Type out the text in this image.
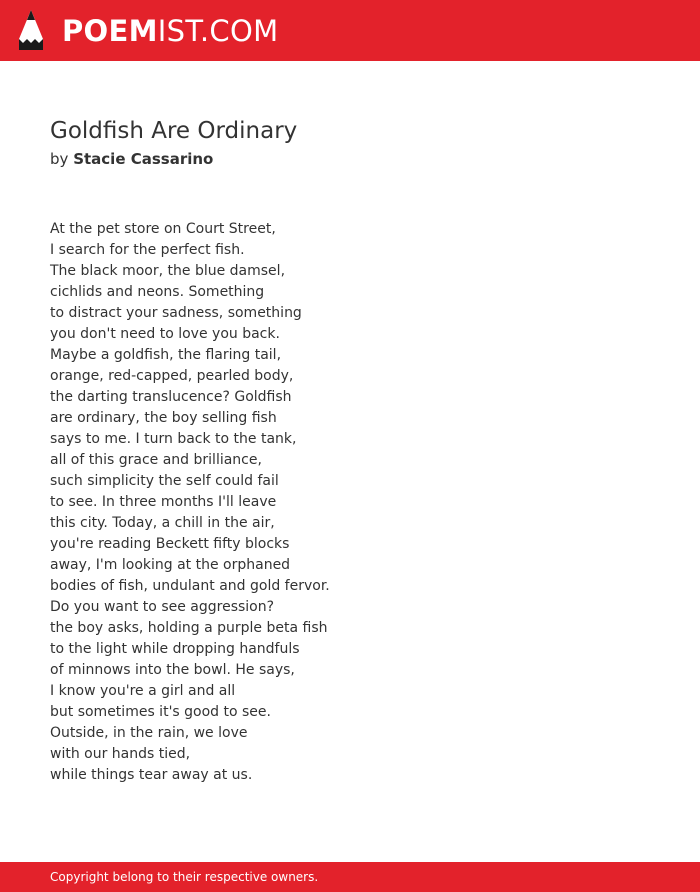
POEMIST.COM
Goldfish Are Ordinary
by Stacie Cassarino
At the pet store on Court Street,
I search for the perfect fish.
The black moor, the blue damsel,
cichlids and neons. Something
to distract your sadness, something
you don't need to love you back.
Maybe a goldfish, the flaring tail,
orange, red-capped, pearled body,
the darting translucence? Goldfish
are ordinary, the boy selling fish
says to me. I turn back to the tank,
all of this grace and brilliance,
such simplicity the self could fail
to see. In three months I'll leave
this city. Today, a chill in the air,
you're reading Beckett fifty blocks
away, I'm looking at the orphaned
bodies of fish, undulant and gold fervor.
Do you want to see aggression?
the boy asks, holding a purple beta fish
to the light while dropping handfuls
of minnows into the bowl. He says,
I know you're a girl and all
but sometimes it's good to see.
Outside, in the rain, we love
with our hands tied,
while things tear away at us.
Copyright belong to their respective owners.
